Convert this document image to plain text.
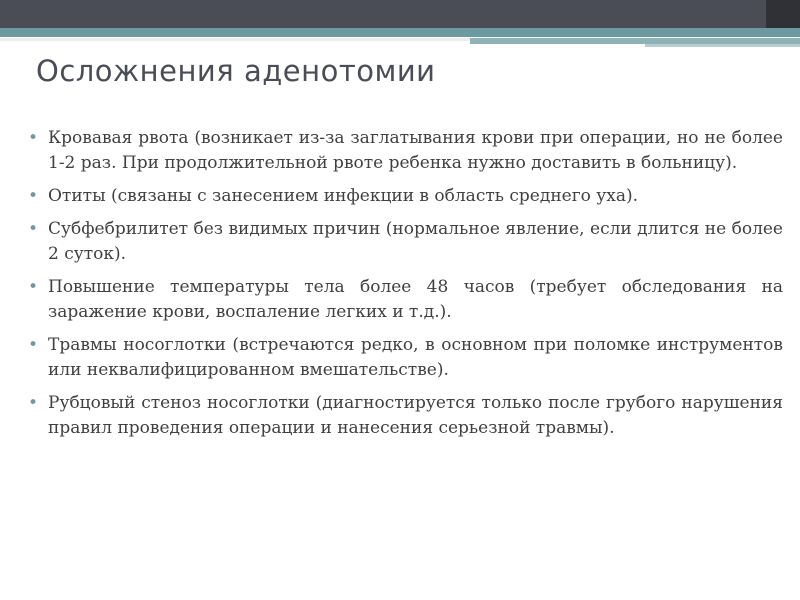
Осложнения аденотомии
• Кровавая рвота (возникает из-за заглатывания крови при операции, но не более 1-2 раз. При продолжительной рвоте ребенка нужно доставить в больницу).
• Отиты (связаны с занесением инфекции в область среднего уха).
• Субфебрилитет без видимых причин (нормальное явление, если длится не более 2 суток).
• Повышение температуры тела более 48 часов (требует обследования на заражение крови, воспаление легких и т.д.).
• Травмы носоглотки (встречаются редко, в основном при поломке инструментов или неквалифицированном вмешательстве).
• Рубцовый стеноз носоглотки (диагностируется только после грубого нарушения правил проведения операции и нанесения серьезной травмы).
